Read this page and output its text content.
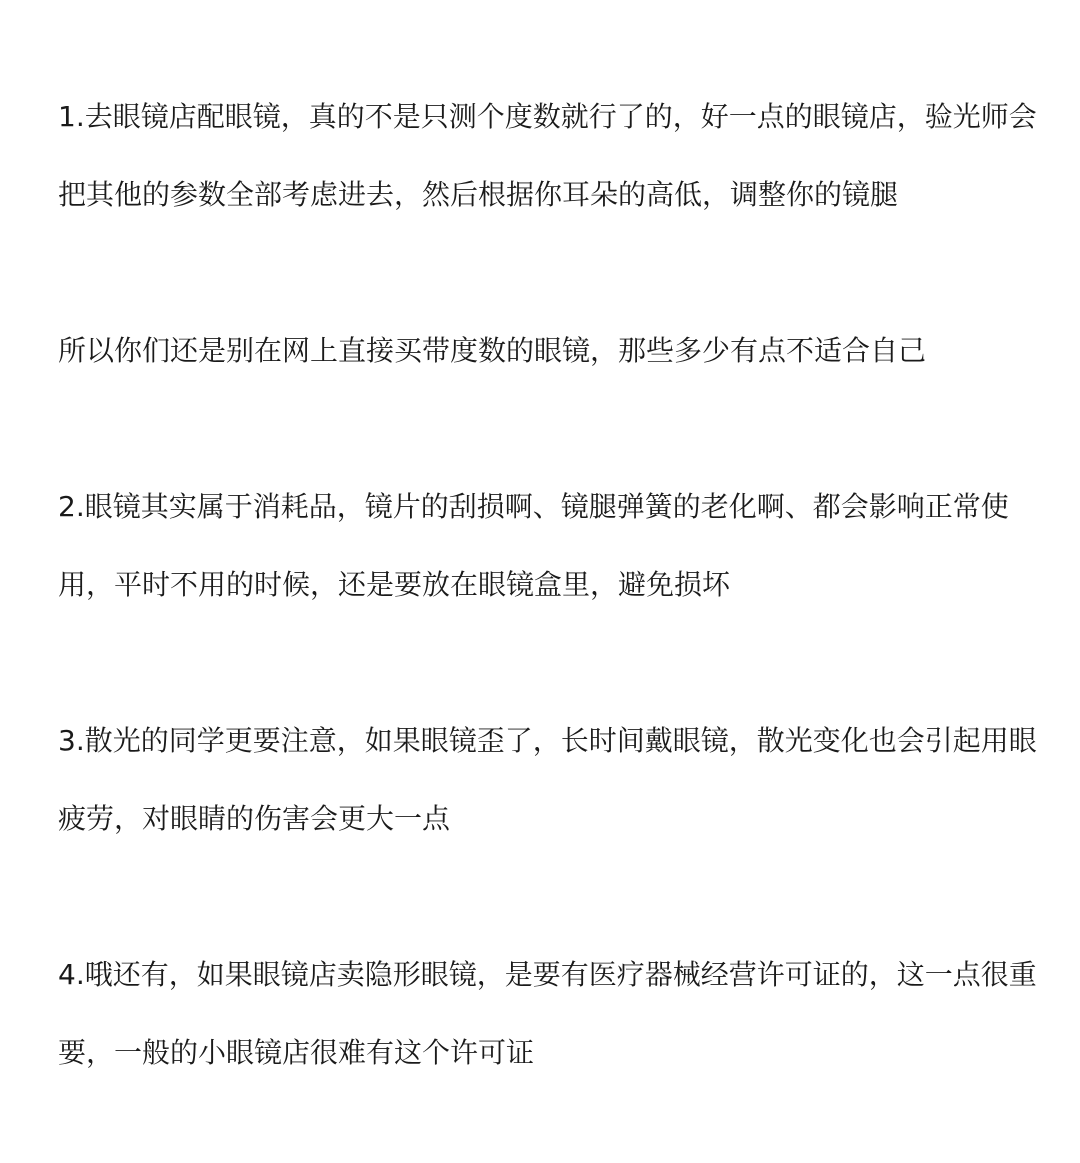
1.去眼镜店配眼镜，真的不是只测个度数就行了的，好一点的眼镜店，验光师会把其他的参数全部考虑进去，然后根据你耳朵的高低，调整你的镜腿

所以你们还是别在网上直接买带度数的眼镜，那些多少有点不适合自己

2.眼镜其实属于消耗品，镜片的刮损啊、镜腿弹簧的老化啊、都会影响正常使用，平时不用的时候，还是要放在眼镜盒里，避免损坏

3.散光的同学更要注意，如果眼镜歪了，长时间戴眼镜，散光变化也会引起用眼疲劳，对眼睛的伤害会更大一点

4.哦还有，如果眼镜店卖隐形眼镜，是要有医疗器械经营许可证的，这一点很重要，一般的小眼镜店很难有这个许可证
